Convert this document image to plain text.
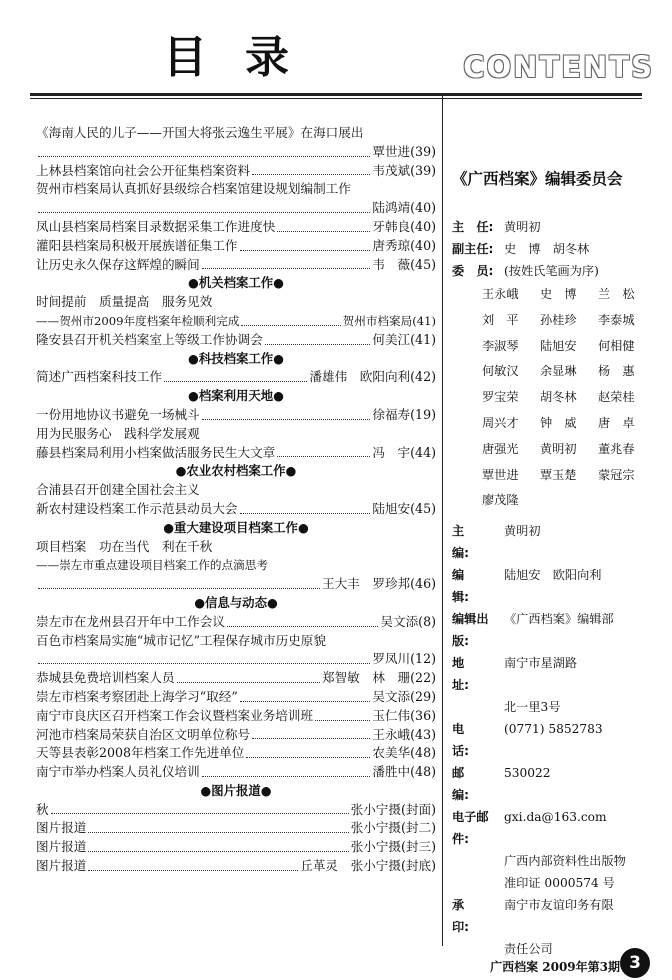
目录	CONTENTS
《海南人民的儿子——开国大将张云逸生平展》在海口展出
覃世进(39)
上林县档案馆向社会公开征集档案资料	韦茂斌(39)
贺州市档案局认真抓好县级综合档案馆建设规划编制工作
陆鸿靖(40)
凤山县档案局档案目录数据采集工作进度快	牙韩良(40)
灌阳县档案局积极开展族谱征集工作	唐秀琼(40)
让历史永久保存这辉煌的瞬间	韦　薇(45)
●机关档案工作●
时间提前　质量提高　服务见效
——贺州市2009年度档案年检顺利完成	贺州市档案局(41)
隆安县召开机关档案室上等级工作协调会	何美江(41)
●科技档案工作●
简述广西档案科技工作	潘雄伟　欧阳向利(42)
●档案利用天地●
一份用地协议书避免一场械斗	徐福寿(19)
用为民服务心　践科学发展观
藤县档案局利用小档案做活服务民生大文章	冯　宇(44)
●农业农村档案工作●
合浦县召开创建全国社会主义
新农村建设档案工作示范县动员大会	陆旭安(45)
●重大建设项目档案工作●
项目档案　功在当代　利在千秋
——崇左市重点建设项目档案工作的点滴思考
王大丰　罗珍邦(46)
●信息与动态●
崇左市在龙州县召开年中工作会议	吴文添(8)
百色市档案局实施“城市记忆”工程保存城市历史原貌
罗凤川(12)
恭城县免费培训档案人员	郑智敏　林　珊(22)
崇左市档案考察团赴上海学习“取经”	吴文添(29)
南宁市良庆区召开档案工作会议暨档案业务培训班	玉仁伟(36)
河池市档案局荣获自治区文明单位称号	王永峨(43)
天等县表彰2008年档案工作先进单位	农美华(48)
南宁市举办档案人员礼仪培训	潘胜中(48)
●图片报道●
秋	张小宁摄(封面)
图片报道	张小宁摄(封二)
图片报道	张小宁摄(封三)
图片报道	丘革灵　张小宁摄(封底)
《广西档案》编辑委员会
主　任: 黄明初
副主任: 史　博　胡冬林
委　员: (按姓氏笔画为序)
王永峨	史　博	兰　松
刘　平	孙桂珍	李泰城
李淑琴	陆旭安	何相健
何敏汉	余显琳	杨　惠
罗宝荣	胡冬林	赵荣桂
周兴才	钟　威	唐　卓
唐强光	黄明初	董兆春
覃世进	覃玉楚	蒙冠宗
廖茂隆
主　　编:
黄明初
编　　辑:
陆旭安　欧阳向利
编辑出版:
《广西档案》编辑部
地　　址:
南宁市星湖路
北一里3号
电　　话:
(0771) 5852783
邮　　编:
530022
电子邮件:
gxi.da@163.com
广西内部资料性出版物
准印证 0000574 号
承　　印:
南宁市友谊印务有限
责任公司
广西档案 2009年第3期 3
